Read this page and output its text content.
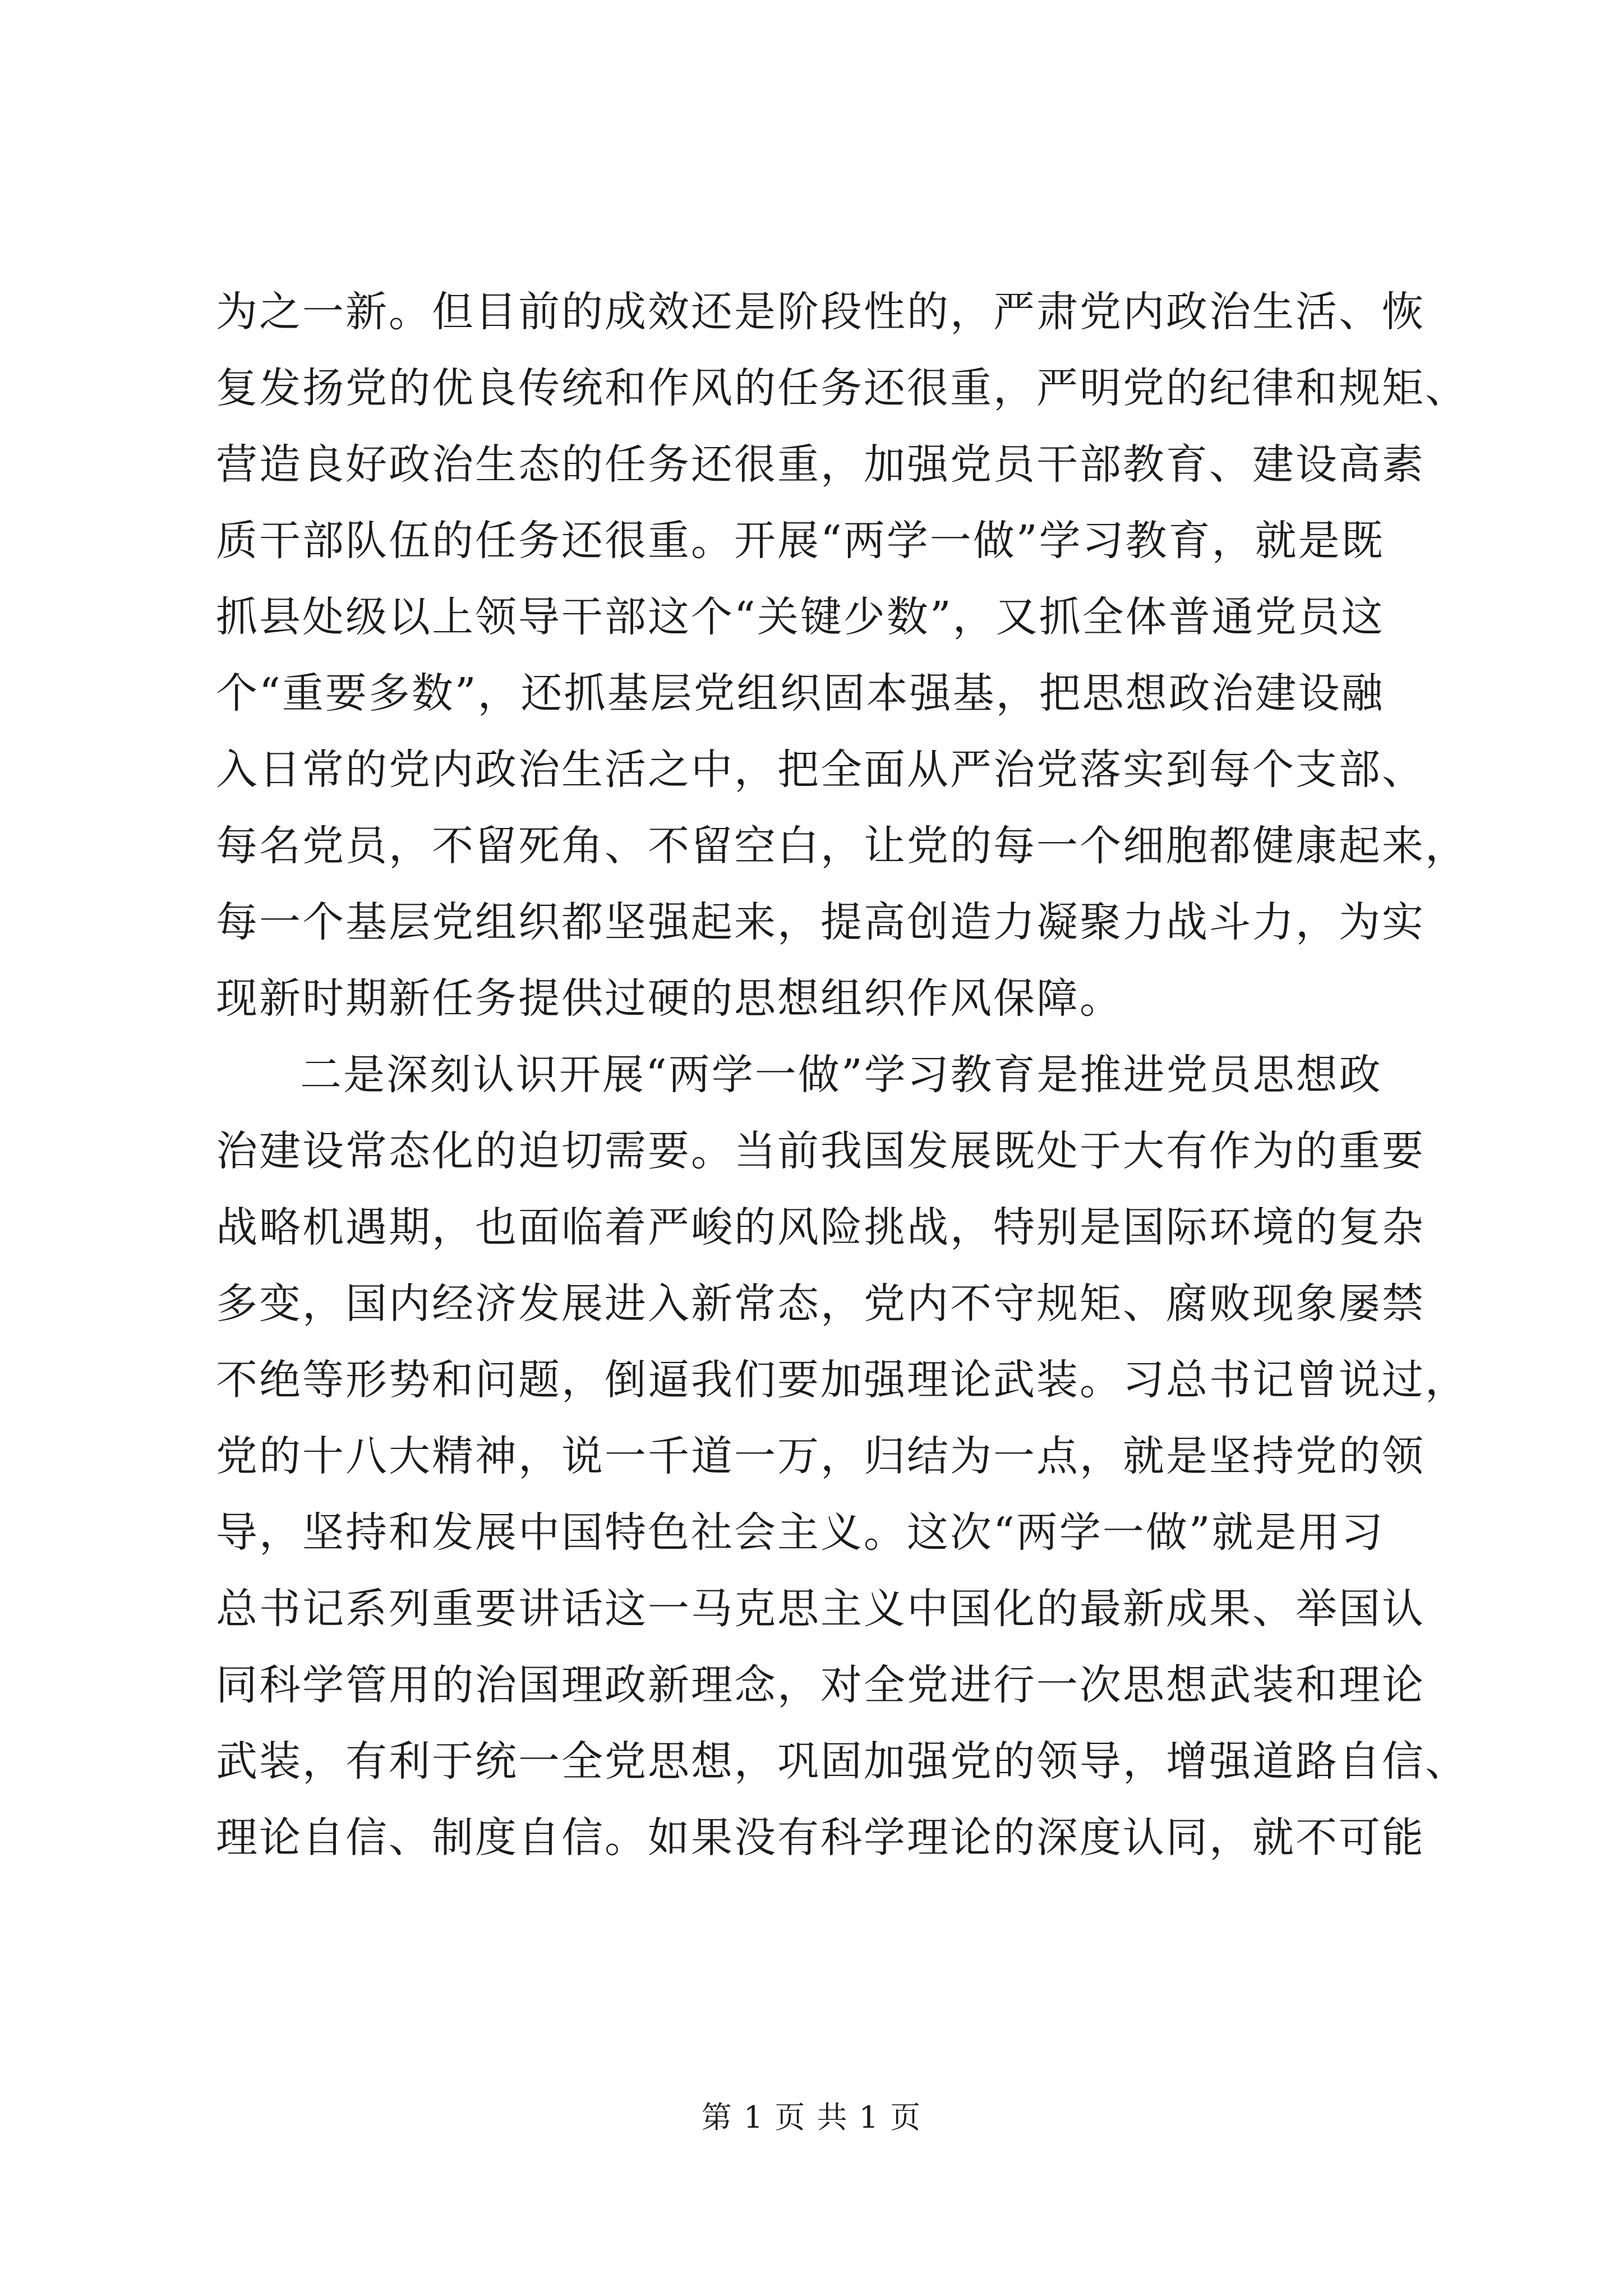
为之一新。但目前的成效还是阶段性的，严肃党内政治生活、恢
复发扬党的优良传统和作风的任务还很重，严明党的纪律和规矩、
营造良好政治生态的任务还很重，加强党员干部教育、建设高素
质干部队伍的任务还很重。开展“两学一做”学习教育，就是既
抓县处级以上领导干部这个“关键少数”，又抓全体普通党员这
个“重要多数”，还抓基层党组织固本强基，把思想政治建设融
入日常的党内政治生活之中，把全面从严治党落实到每个支部、
每名党员，不留死角、不留空白，让党的每一个细胞都健康起来，
每一个基层党组织都坚强起来，提高创造力凝聚力战斗力，为实
现新时期新任务提供过硬的思想组织作风保障。
二是深刻认识开展“两学一做”学习教育是推进党员思想政
治建设常态化的迫切需要。当前我国发展既处于大有作为的重要
战略机遇期，也面临着严峻的风险挑战，特别是国际环境的复杂
多变，国内经济发展进入新常态，党内不守规矩、腐败现象屡禁
不绝等形势和问题，倒逼我们要加强理论武装。习总书记曾说过，
党的十八大精神，说一千道一万，归结为一点，就是坚持党的领
导，坚持和发展中国特色社会主义。这次“两学一做”就是用习
总书记系列重要讲话这一马克思主义中国化的最新成果、举国认
同科学管用的治国理政新理念，对全党进行一次思想武装和理论
武装，有利于统一全党思想，巩固加强党的领导，增强道路自信、
理论自信、制度自信。如果没有科学理论的深度认同，就不可能
第 1 页 共 1 页
